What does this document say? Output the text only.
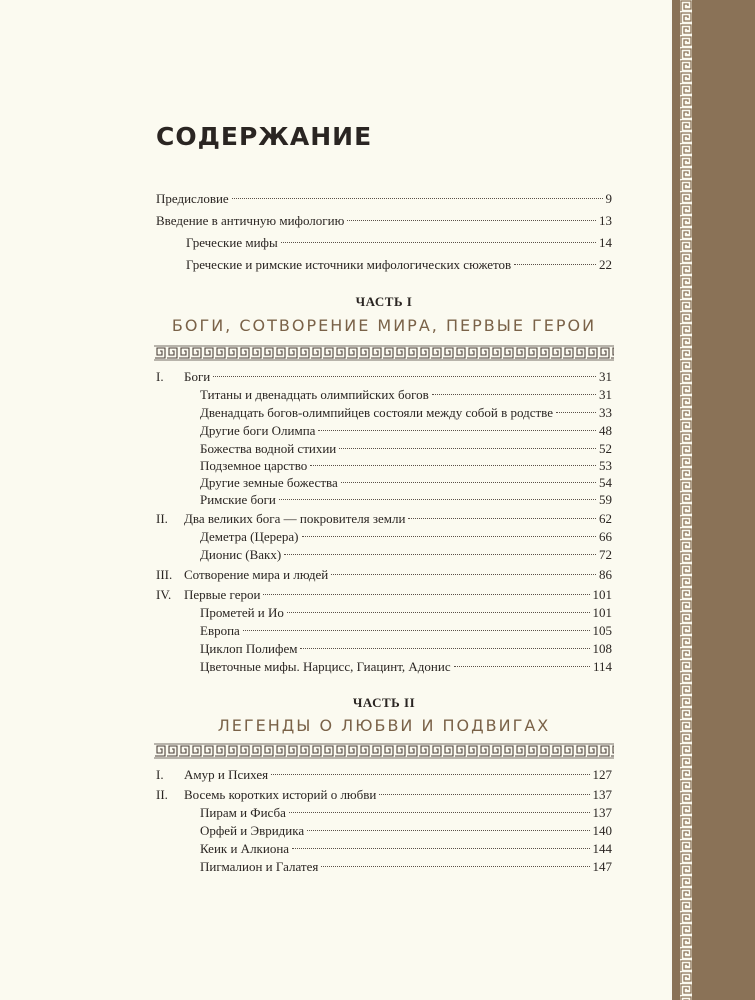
СОДЕРЖАНИЕ
Предисловие	9
Введение в античную мифологию	13
Греческие мифы	14
Греческие и римские источники мифологических сюжетов	22
ЧАСТЬ I
БОГИ, СОТВОРЕНИЕ МИРА, ПЕРВЫЕ ГЕРОИ
I.	Боги	31
Титаны и двенадцать олимпийских богов	31
Двенадцать богов-олимпийцев состояли между собой в родстве	33
Другие боги Олимпа	48
Божества водной стихии	52
Подземное царство	53
Другие земные божества	54
Римские боги	59
II.	Два великих бога — покровителя земли	62
Деметра (Церера)	66
Дионис (Вакх)	72
III. Сотворение мира и людей	86
IV. Первые герои	101
Прометей и Ио	101
Европа	105
Циклоп Полифем	108
Цветочные мифы. Нарцисс, Гиацинт, Адонис	114
ЧАСТЬ II
ЛЕГЕНДЫ О ЛЮБВИ И ПОДВИГАХ
I.	Амур и Психея	127
II.	Восемь коротких историй о любви	137
Пирам и Фисба	137
Орфей и Эвридика	140
Кеик и Алкиона	144
Пигмалион и Галатея	147
